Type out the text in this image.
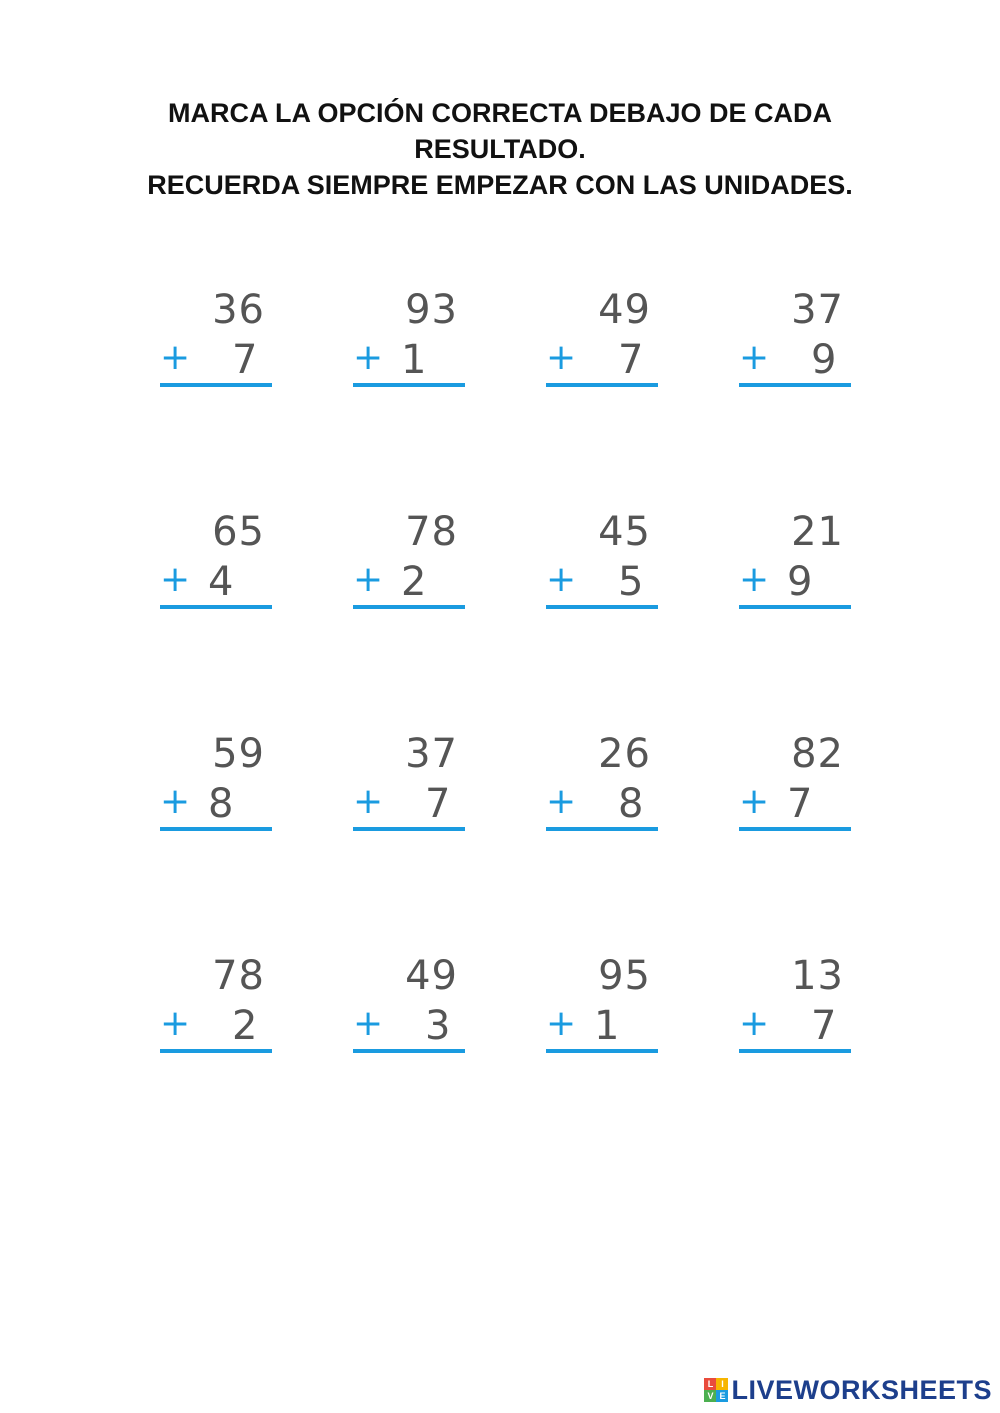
MARCA LA OPCIÓN CORRECTA DEBAJO DE CADA
RESULTADO.
RECUERDA SIEMPRE EMPEZAR CON LAS UNIDADES.
36
+ 7
93
+ 1
49
+ 7
37
+ 9
65
+ 4
78
+ 2
45
+ 5
21
+ 9
59
+ 8
37
+ 7
26
+ 8
82
+ 7
78
+ 2
49
+ 3
95
+ 1
13
+ 7
L I
V E LIVEWORKSHEETS
